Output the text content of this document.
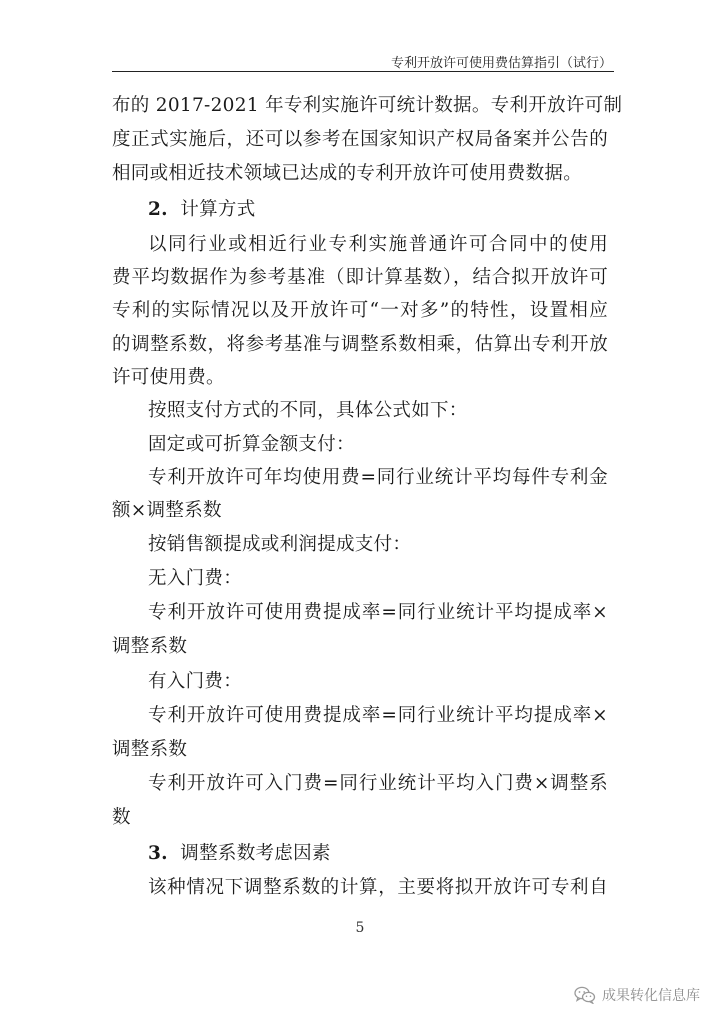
专利开放许可使用费估算指引（试行）
布的 2017-2021 年专利实施许可统计数据。专利开放许可制
度正式实施后，还可以参考在国家知识产权局备案并公告的
相同或相近技术领域已达成的专利开放许可使用费数据。
2. 计算方式
以同行业或相近行业专利实施普通许可合同中的使用
费平均数据作为参考基准（即计算基数），结合拟开放许可
专利的实际情况以及开放许可“一对多”的特性，设置相应
的调整系数，将参考基准与调整系数相乘，估算出专利开放
许可使用费。
按照支付方式的不同，具体公式如下：
固定或可折算金额支付：
专利开放许可年均使用费=同行业统计平均每件专利金
额×调整系数
按销售额提成或利润提成支付：
无入门费：
专利开放许可使用费提成率=同行业统计平均提成率×
调整系数
有入门费：
专利开放许可使用费提成率=同行业统计平均提成率×
调整系数
专利开放许可入门费=同行业统计平均入门费×调整系
数
3. 调整系数考虑因素
该种情况下调整系数的计算，主要将拟开放许可专利自
5
成果转化信息库
